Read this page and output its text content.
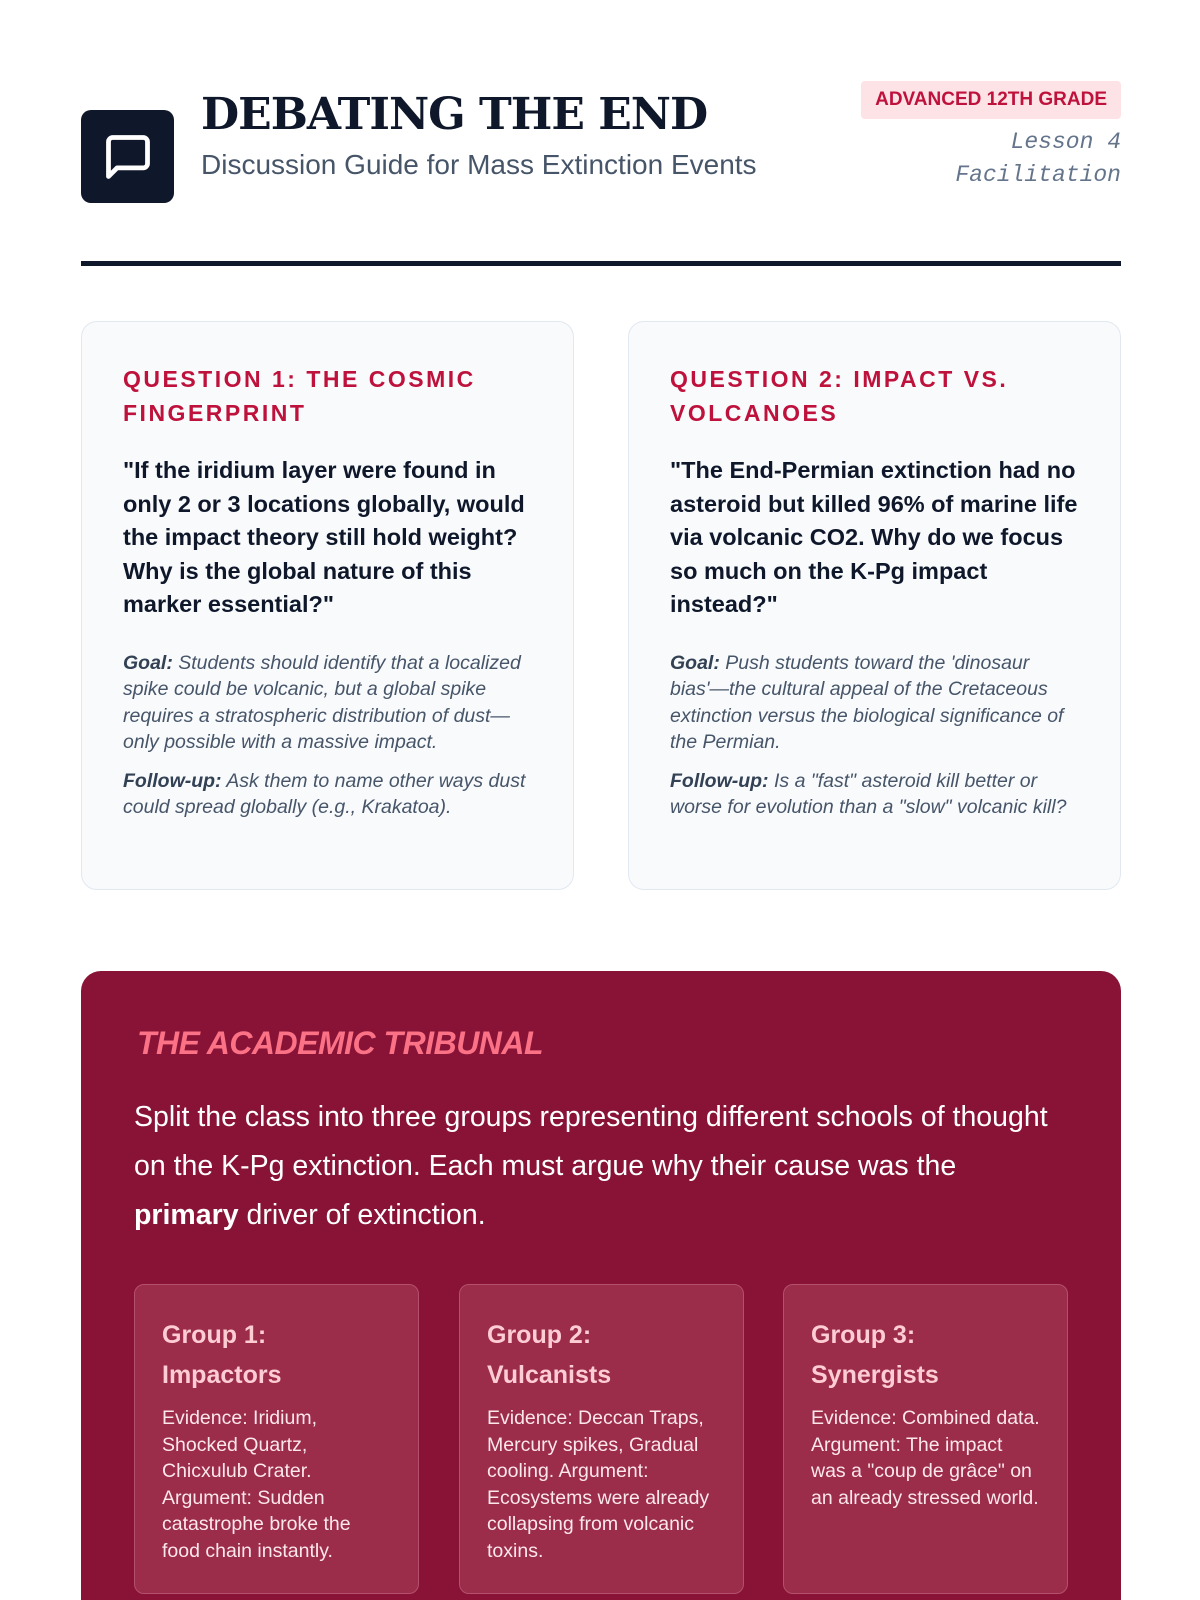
DEBATING THE END
Discussion Guide for Mass Extinction Events
ADVANCED 12TH GRADE
Lesson 4
Facilitation
QUESTION 1: THE COSMIC FINGERPRINT
"If the iridium layer were found in only 2 or 3 locations globally, would the impact theory still hold weight? Why is the global nature of this marker essential?"
Goal: Students should identify that a localized spike could be volcanic, but a global spike requires a stratospheric distribution of dust—only possible with a massive impact.
Follow-up: Ask them to name other ways dust could spread globally (e.g., Krakatoa).
QUESTION 2: IMPACT VS. VOLCANOES
"The End-Permian extinction had no asteroid but killed 96% of marine life via volcanic CO2. Why do we focus so much on the K-Pg impact instead?"
Goal: Push students toward the 'dinosaur bias'—the cultural appeal of the Cretaceous extinction versus the biological significance of the Permian.
Follow-up: Is a "fast" asteroid kill better or worse for evolution than a "slow" volcanic kill?
THE ACADEMIC TRIBUNAL

Split the class into three groups representing different schools of thought on the K-Pg extinction. Each must argue why their cause was the primary driver of extinction.

Group 1: Impactors
Evidence: Iridium, Shocked Quartz, Chicxulub Crater. Argument: Sudden catastrophe broke the food chain instantly.
Group 2: Vulcanists
Evidence: Deccan Traps, Mercury spikes, Gradual cooling. Argument: Ecosystems were already collapsing from volcanic toxins.
Group 3: Synergists
Evidence: Combined data. Argument: The impact was a "coup de grâce" on an already stressed world.
